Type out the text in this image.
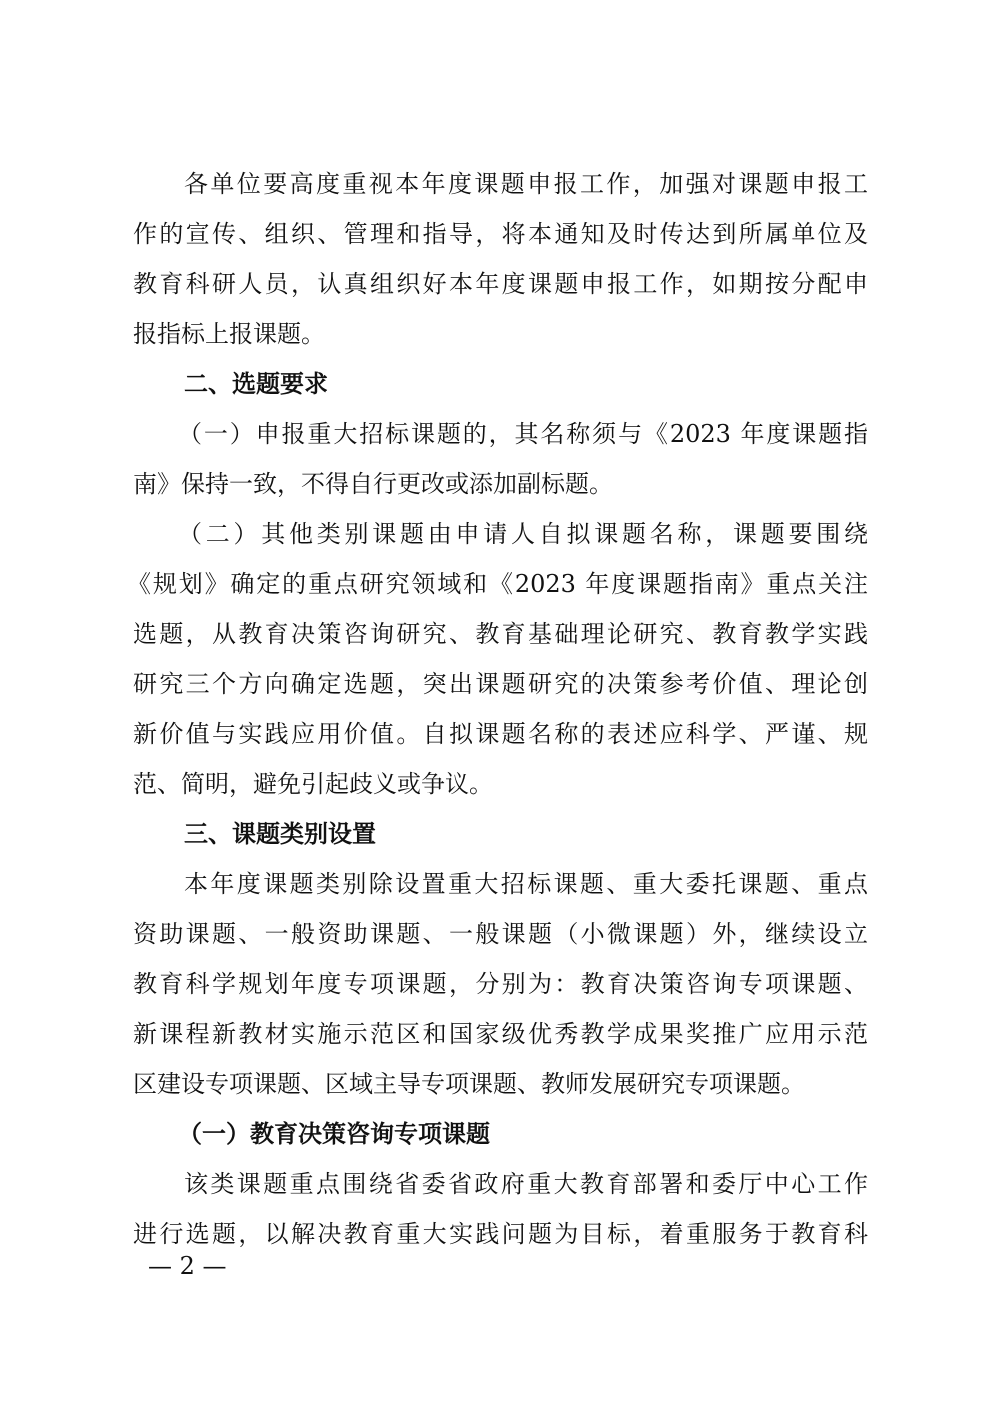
各单位要高度重视本年度课题申报工作，加强对课题申报工
作的宣传、组织、管理和指导，将本通知及时传达到所属单位及
教育科研人员，认真组织好本年度课题申报工作，如期按分配申
报指标上报课题。
二、选题要求
（一）申报重大招标课题的，其名称须与《2023 年度课题指
南》保持一致，不得自行更改或添加副标题。
（二）其他类别课题由申请人自拟课题名称，课题要围绕
《规划》确定的重点研究领域和《2023 年度课题指南》重点关注
选题，从教育决策咨询研究、教育基础理论研究、教育教学实践
研究三个方向确定选题，突出课题研究的决策参考价值、理论创
新价值与实践应用价值。自拟课题名称的表述应科学、严谨、规
范、简明，避免引起歧义或争议。
三、课题类别设置
本年度课题类别除设置重大招标课题、重大委托课题、重点
资助课题、一般资助课题、一般课题（小微课题）外，继续设立
教育科学规划年度专项课题，分别为：教育决策咨询专项课题、
新课程新教材实施示范区和国家级优秀教学成果奖推广应用示范
区建设专项课题、区域主导专项课题、教师发展研究专项课题。
（一）教育决策咨询专项课题
该类课题重点围绕省委省政府重大教育部署和委厅中心工作
进行选题，以解决教育重大实践问题为目标，着重服务于教育科
— 2 —
